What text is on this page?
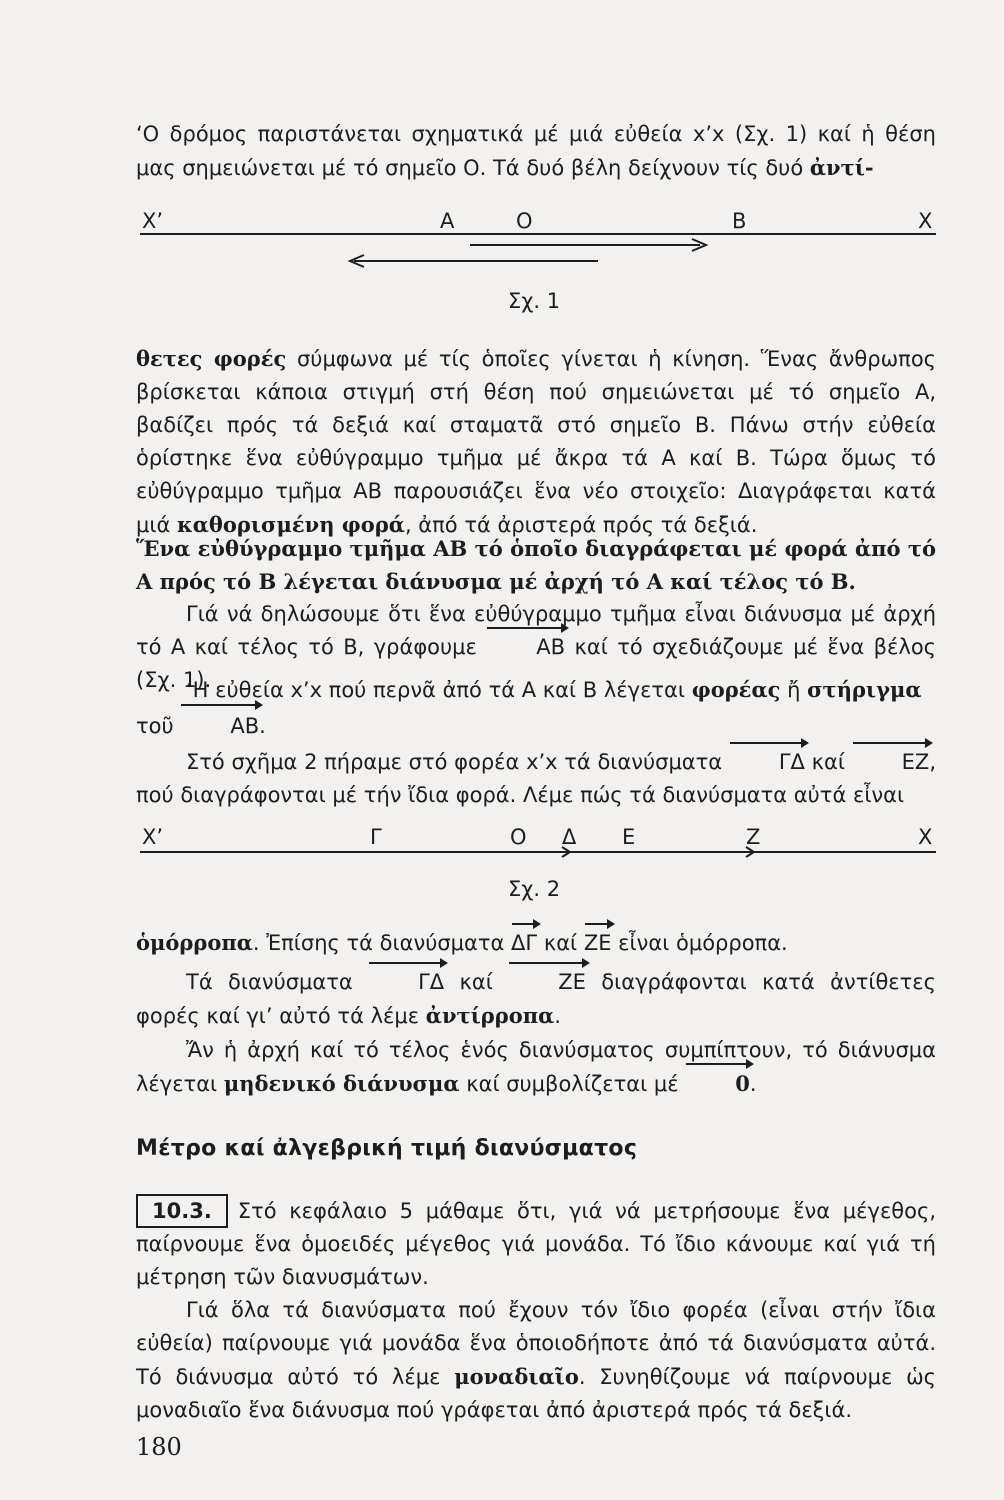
‘Ο δρόμος παριστάνεται σχηματικά μέ μιά εὐθεία x’x (Σχ. 1) καί ἡ θέση μας σημειώνεται μέ τό σημεῖο Ο. Τά δυό βέλη δείχνουν τίς δυό ἀντί-

X’	Α	Ο	Β	Χ
Σχ. 1

θετες φορές σύμφωνα μέ τίς ὁποῖες γίνεται ἡ κίνηση. Ἕνας ἄνθρωπος βρίσκεται κάποια στιγμή στή θέση πού σημειώνεται μέ τό σημεῖο Α, βαδίζει πρός τά δεξιά καί σταματᾶ στό σημεῖο Β. Πάνω στήν εὐθεία ὁρίστηκε ἕνα εὐθύγραμμο τμῆμα μέ ἄκρα τά Α καί Β. Τώρα ὅμως τό εὐθύγραμμο τμῆμα ΑΒ παρουσιάζει ἕνα νέο στοιχεῖο: Διαγράφεται κατά μιά καθορισμένη φορά, ἀπό τά ἀριστερά πρός τά δεξιά.

Ἕνα εὐθύγραμμο τμῆμα ΑΒ τό ὁποῖο διαγράφεται μέ φορά ἀπό τό Α πρός τό Β λέγεται διάνυσμα μέ ἀρχή τό Α καί τέλος τό Β.

Γιά νά δηλώσουμε ὅτι ἕνα εὐθύγραμμο τμῆμα εἶναι διάνυσμα μέ ἀρχή τό Α καί τέλος τό Β, γράφουμε	ΑΒ καί τό σχεδιάζουμε μέ ἕνα βέλος (Σχ. 1).

‘Η εὐθεία x’x πού περνᾶ ἀπό τά Α καί Β λέγεται φορέας ἤ στήριγμα
τοῦ	ΑΒ.

Στό σχῆμα 2 πήραμε στό φορέα x’x τά διανύσματα	ΓΔ καί	ΕΖ, πού διαγράφονται μέ τήν ἴδια φορά. Λέμε πώς τά διανύσματα αὐτά εἶναι

X’	Γ	Ο Δ Ε	Ζ	Χ
Σχ. 2

ὁμόρροπα. Ἐπίσης τά διανύσματα ΔΓ καί ΖΕ εἶναι ὁμόρροπα.

Τά διανύσματα	ΓΔ καί	ΖΕ διαγράφονται κατά ἀντίθετες φορές καί γι’ αὐτό τά λέμε ἀντίρροπα.

Ἄν ἡ ἀρχή καί τό τέλος ἑνός διανύσματος συμπίπτουν, τό διάνυσμα λέγεται μηδενικό διάνυσμα καί συμβολίζεται μέ	0.

Μέτρο καί ἀλγεβρική τιμή διανύσματος

10.3. Στό κεφάλαιο 5 μάθαμε ὅτι, γιά νά μετρήσουμε ἕνα μέγεθος, παίρνουμε ἕνα ὁμοειδές μέγεθος γιά μονάδα. Τό ἴδιο κάνουμε καί γιά τή μέτρηση τῶν διανυσμάτων.

Γιά ὅλα τά διανύσματα πού ἔχουν τόν ἴδιο φορέα (εἶναι στήν ἴδια εὐθεία) παίρνουμε γιά μονάδα ἕνα ὁποιοδήποτε ἀπό τά διανύσματα αὐτά. Τό διάνυσμα αὐτό τό λέμε μοναδιαῖο. Συνηθίζουμε νά παίρνουμε ὡς μοναδιαῖο ἕνα διάνυσμα πού γράφεται ἀπό ἀριστερά πρός τά δεξιά.

180
